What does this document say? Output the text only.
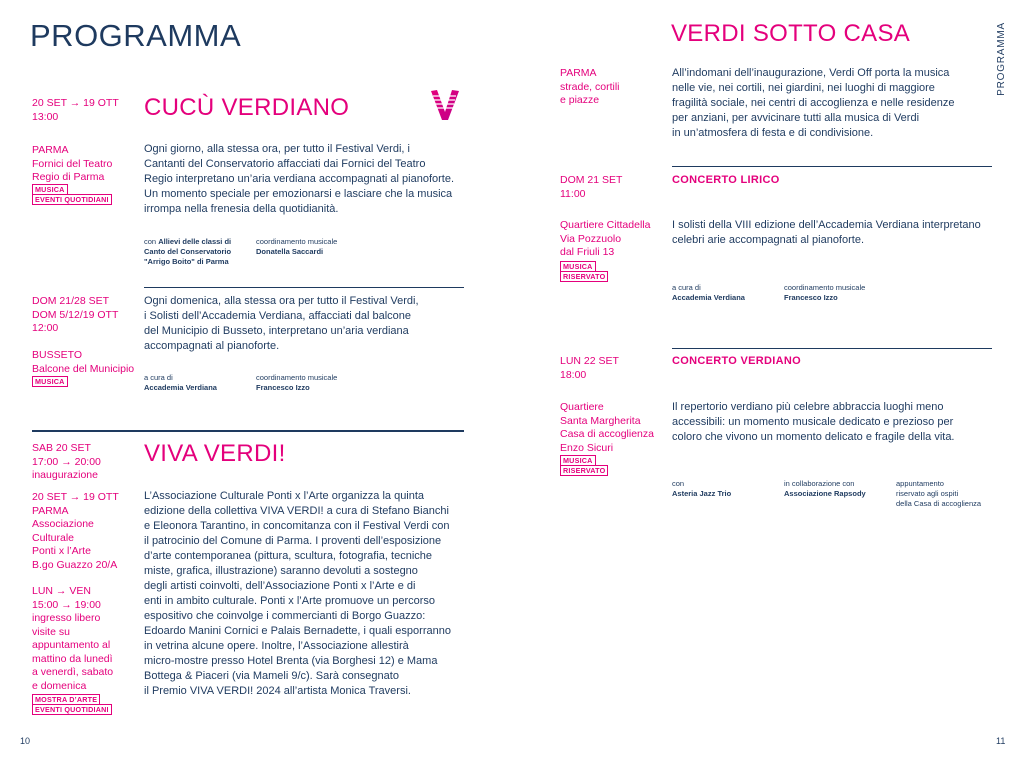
PROGRAMMA
20 SET → 19 OTT
13:00
PARMA
Fornici del Teatro
Regio di Parma
MUSICA
EVENTI QUOTIDIANI
CUCÙ VERDIANO
Ogni giorno, alla stessa ora, per tutto il Festival Verdi, i
Cantanti del Conservatorio affacciati dai Fornici del Teatro
Regio interpretano un’aria verdiana accompagnati al pianoforte.
Un momento speciale per emozionarsi e lasciare che la musica
irrompa nella frenesia della quotidianità.
con Allievi delle classi di
Canto del Conservatorio
"Arrigo Boito" di Parma
coordinamento musicale
Donatella Saccardi
DOM 21/28 SET
DOM 5/12/19 OTT
12:00
BUSSETO
Balcone del Municipio
MUSICA
Ogni domenica, alla stessa ora per tutto il Festival Verdi,
i Solisti dell’Accademia Verdiana, affacciati dal balcone
del Municipio di Busseto, interpretano un’aria verdiana
accompagnati al pianoforte.
a cura di
Accademia Verdiana
coordinamento musicale
Francesco Izzo
SAB 20 SET
17:00 → 20:00
inaugurazione
20 SET → 19 OTT
PARMA
Associazione
Culturale
Ponti x l’Arte
B.go Guazzo 20/A
LUN → VEN
15:00 → 19:00
ingresso libero
visite su
appuntamento al
mattino da lunedì
a venerdì, sabato
e domenica
MOSTRA D’ARTE
EVENTI QUOTIDIANI
VIVA VERDI!
L’Associazione Culturale Ponti x l’Arte organizza la quinta
edizione della collettiva VIVA VERDI! a cura di Stefano Bianchi
e Eleonora Tarantino, in concomitanza con il Festival Verdi con
il patrocinio del Comune di Parma. I proventi dell’esposizione
d’arte contemporanea (pittura, scultura, fotografia, tecniche
miste, grafica, illustrazione) saranno devoluti a sostegno
degli artisti coinvolti, dell’Associazione Ponti x l’Arte e di
enti in ambito culturale. Ponti x l’Arte promuove un percorso
espositivo che coinvolge i commercianti di Borgo Guazzo:
Edoardo Manini Cornici e Palais Bernadette, i quali esporranno
in vetrina alcune opere. Inoltre, l’Associazione allestirà
micro-mostre presso Hotel Brenta (via Borghesi 12) e Mama
Bottega & Piaceri (via Mameli 9/c). Sarà consegnato
il Premio VIVA VERDI! 2024 all’artista Monica Traversi.
10
VERDI SOTTO CASA	PROGRAMMA
PARMA
strade, cortili
e piazze
All’indomani dell’inaugurazione, Verdi Off porta la musica
nelle vie, nei cortili, nei giardini, nei luoghi di maggiore
fragilità sociale, nei centri di accoglienza e nelle residenze
per anziani, per avvicinare tutti alla musica di Verdi
in un’atmosfera di festa e di condivisione.
DOM 21 SET
11:00
Quartiere Cittadella
Via Pozzuolo
dal Friuli 13
MUSICA
RISERVATO
CONCERTO LIRICO
I solisti della VIII edizione dell’Accademia Verdiana interpretano
celebri arie accompagnati al pianoforte.
a cura di
Accademia Verdiana
coordinamento musicale
Francesco Izzo
LUN 22 SET
18:00
Quartiere
Santa Margherita
Casa di accoglienza
Enzo Sicuri
MUSICA
RISERVATO
CONCERTO VERDIANO
Il repertorio verdiano più celebre abbraccia luoghi meno
accessibili: un momento musicale dedicato e prezioso per
coloro che vivono un momento delicato e fragile della vita.
con
Asteria Jazz Trio
in collaborazione con
Associazione Rapsody
appuntamento
riservato agli ospiti
della Casa di accoglienza
11
